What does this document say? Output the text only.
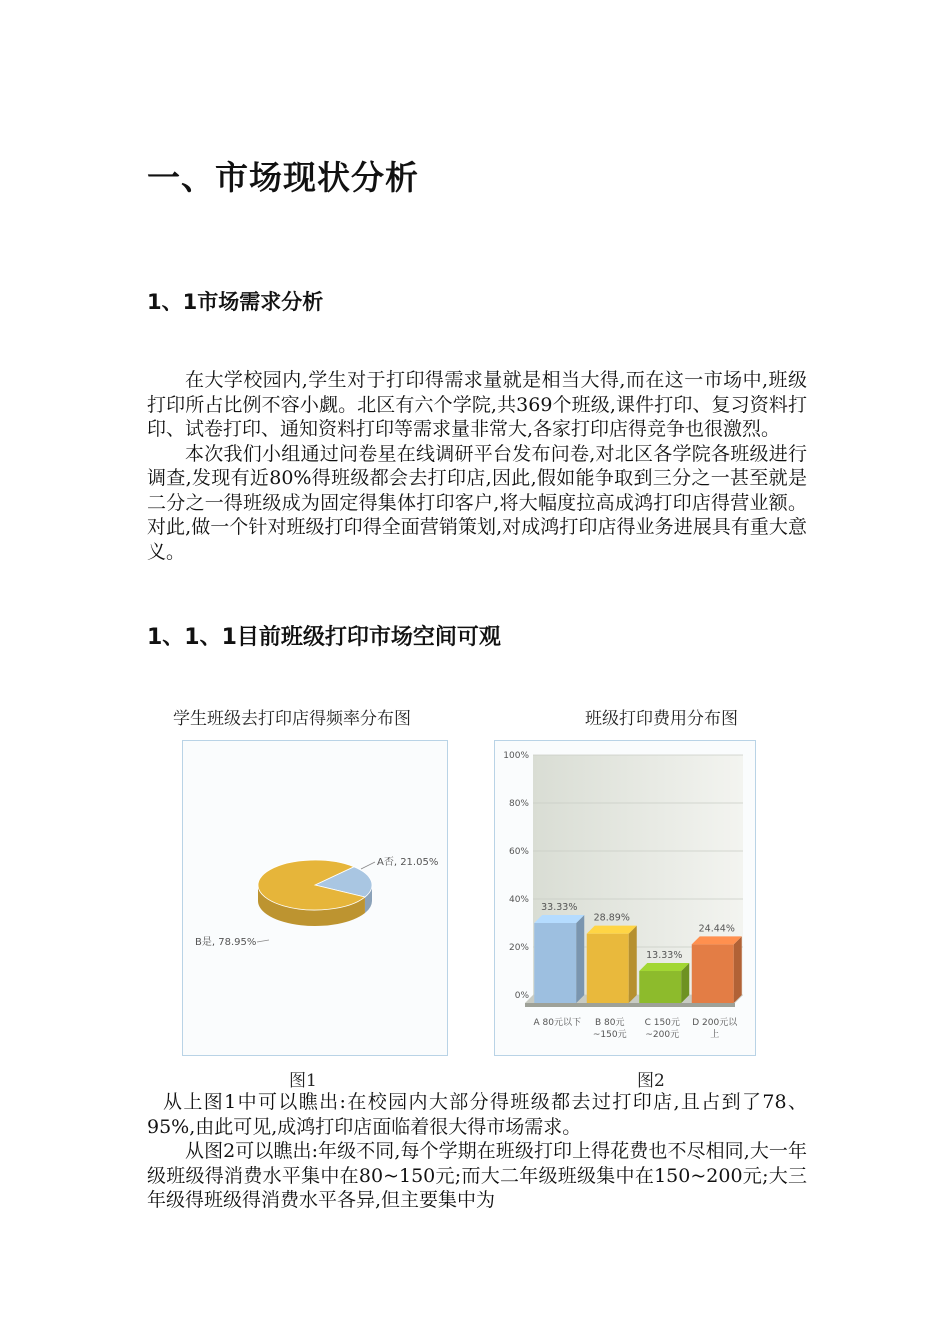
一、市场现状分析
1、1市场需求分析

在大学校园内,学生对于打印得需求量就是相当大得,而在这一市场中,班级打印所占比例不容小觑。北区有六个学院,共369个班级,课件打印、复习资料打印、试卷打印、通知资料打印等需求量非常大,各家打印店得竞争也很激烈。

本次我们小组通过问卷星在线调研平台发布问卷,对北区各学院各班级进行调查,发现有近80%得班级都会去打印店,因此,假如能争取到三分之一甚至就是二分之一得班级成为固定得集体打印客户,将大幅度拉高成鸿打印店得营业额。对此,做一个针对班级打印得全面营销策划,对成鸿打印店得业务进展具有重大意义。

1、1、1目前班级打印市场空间可观
学生班级去打印店得频率分布图
A否, 21.05%
B是, 78.95%
图1
班级打印费用分布图
0%
20%
40%
60%
80%
100%
33.33%
A 80元以下
28.89%
B 80元
~150元
13.33%
C 150元
~200元
24.44%
D 200元以
上
图2

从上图1中可以瞧出:在校园内大部分得班级都去过打印店,且占到了78、95%,由此可见,成鸿打印店面临着很大得市场需求。

从图2可以瞧出:年级不同,每个学期在班级打印上得花费也不尽相同,大一年级班级得消费水平集中在80~150元;而大二年级班级集中在150~200元;大三年级得班级得消费水平各异,但主要集中为
